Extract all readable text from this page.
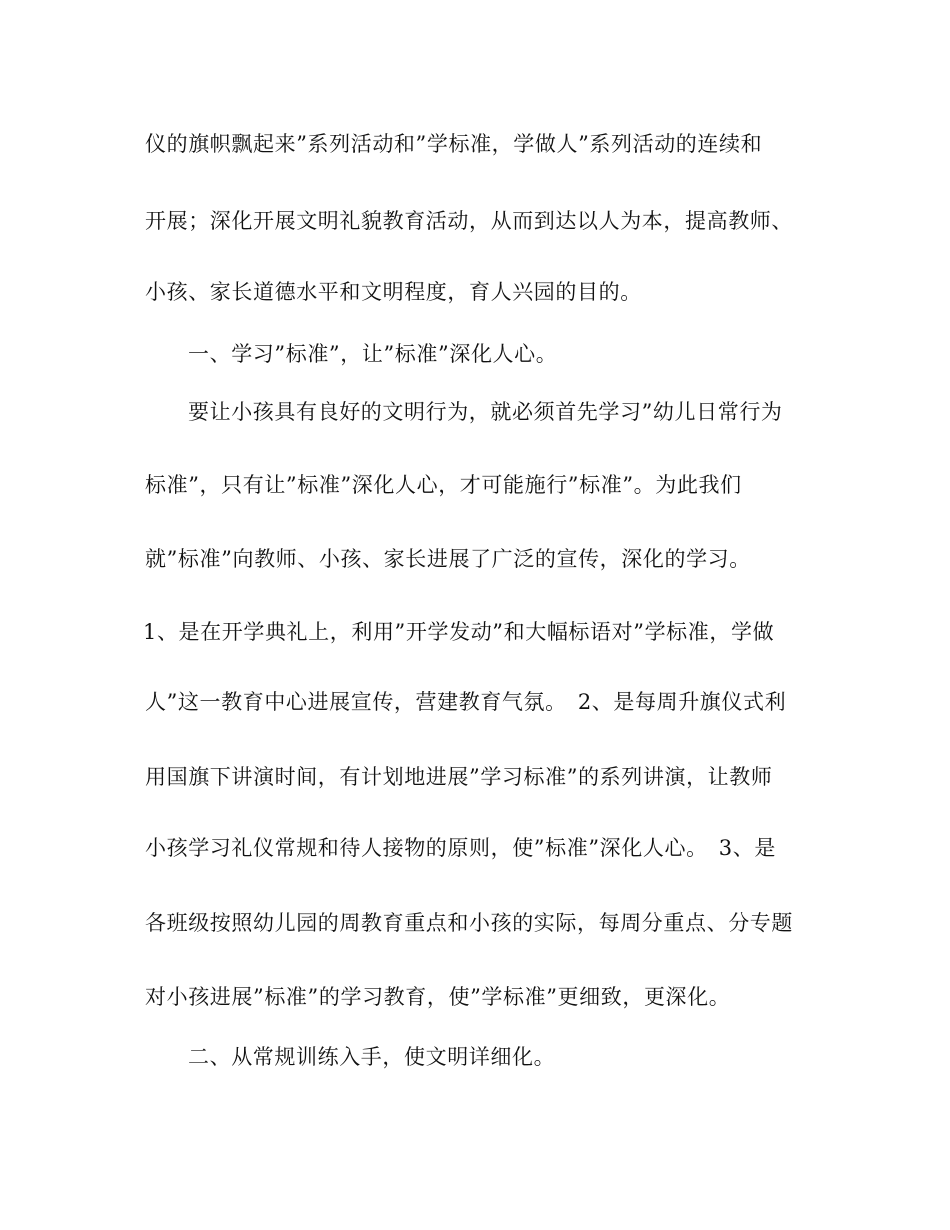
仪的旗帜飘起来”系列活动和”学标准，学做人”系列活动的连续和
开展；深化开展文明礼貌教育活动，从而到达以人为本，提高教师、
小孩、家长道德水平和文明程度，育人兴园的目的。
一、学习”标准”，让”标准”深化人心。
要让小孩具有良好的文明行为，就必须首先学习”幼儿日常行为
标准”，只有让”标准”深化人心，才可能施行”标准”。为此我们
就”标准”向教师、小孩、家长进展了广泛的宣传，深化的学习。
1、是在开学典礼上，利用”开学发动”和大幅标语对”学标准，学做
人”这一教育中心进展宣传，营建教育气氛。　2、是每周升旗仪式利
用国旗下讲演时间，有计划地进展”学习标准”的系列讲演，让教师
小孩学习礼仪常规和待人接物的原则，使”标准”深化人心。　3、是
各班级按照幼儿园的周教育重点和小孩的实际，每周分重点、分专题
对小孩进展”标准”的学习教育，使”学标准”更细致，更深化。
二、从常规训练入手，使文明详细化。
